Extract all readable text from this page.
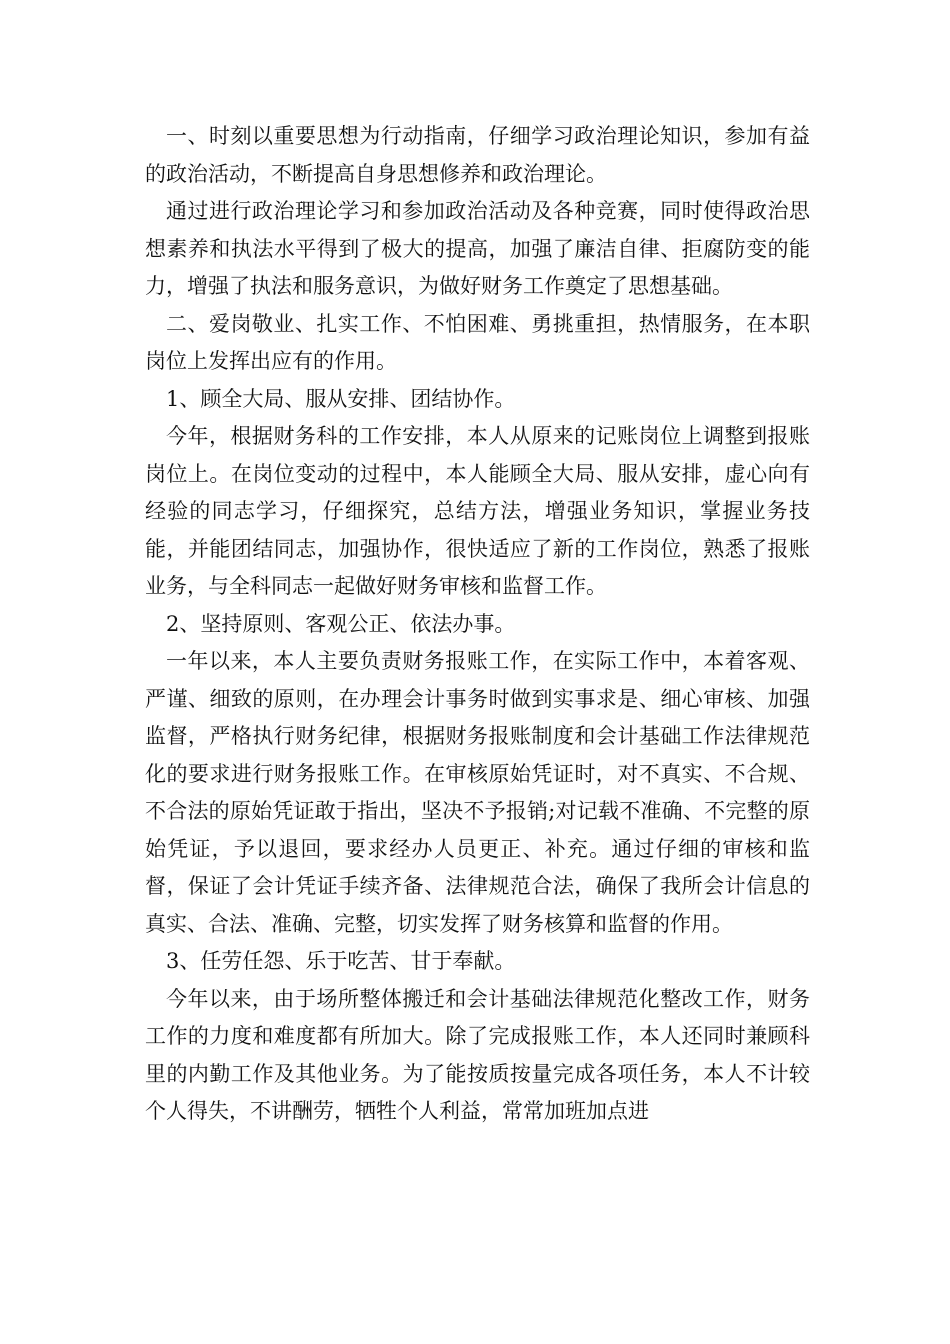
一、时刻以重要思想为行动指南，仔细学习政治理论知识，参加有益的政治活动，不断提高自身思想修养和政治理论。

通过进行政治理论学习和参加政治活动及各种竞赛，同时使得政治思想素养和执法水平得到了极大的提高，加强了廉洁自律、拒腐防变的能力，增强了执法和服务意识，为做好财务工作奠定了思想基础。

二、爱岗敬业、扎实工作、不怕困难、勇挑重担，热情服务，在本职岗位上发挥出应有的作用。

1、顾全大局、服从安排、团结协作。

今年，根据财务科的工作安排，本人从原来的记账岗位上调整到报账岗位上。在岗位变动的过程中，本人能顾全大局、服从安排，虚心向有经验的同志学习，仔细探究，总结方法，增强业务知识，掌握业务技能，并能团结同志，加强协作，很快适应了新的工作岗位，熟悉了报账业务，与全科同志一起做好财务审核和监督工作。

2、坚持原则、客观公正、依法办事。

一年以来，本人主要负责财务报账工作，在实际工作中，本着客观、严谨、细致的原则，在办理会计事务时做到实事求是、细心审核、加强监督，严格执行财务纪律，根据财务报账制度和会计基础工作法律规范化的要求进行财务报账工作。在审核原始凭证时，对不真实、不合规、不合法的原始凭证敢于指出，坚决不予报销;对记载不准确、不完整的原始凭证，予以退回，要求经办人员更正、补充。通过仔细的审核和监督，保证了会计凭证手续齐备、法律规范合法，确保了我所会计信息的真实、合法、准确、完整，切实发挥了财务核算和监督的作用。

3、任劳任怨、乐于吃苦、甘于奉献。

今年以来，由于场所整体搬迁和会计基础法律规范化整改工作，财务工作的力度和难度都有所加大。除了完成报账工作，本人还同时兼顾科里的内勤工作及其他业务。为了能按质按量完成各项任务，本人不计较个人得失，不讲酬劳，牺牲个人利益，常常加班加点进
